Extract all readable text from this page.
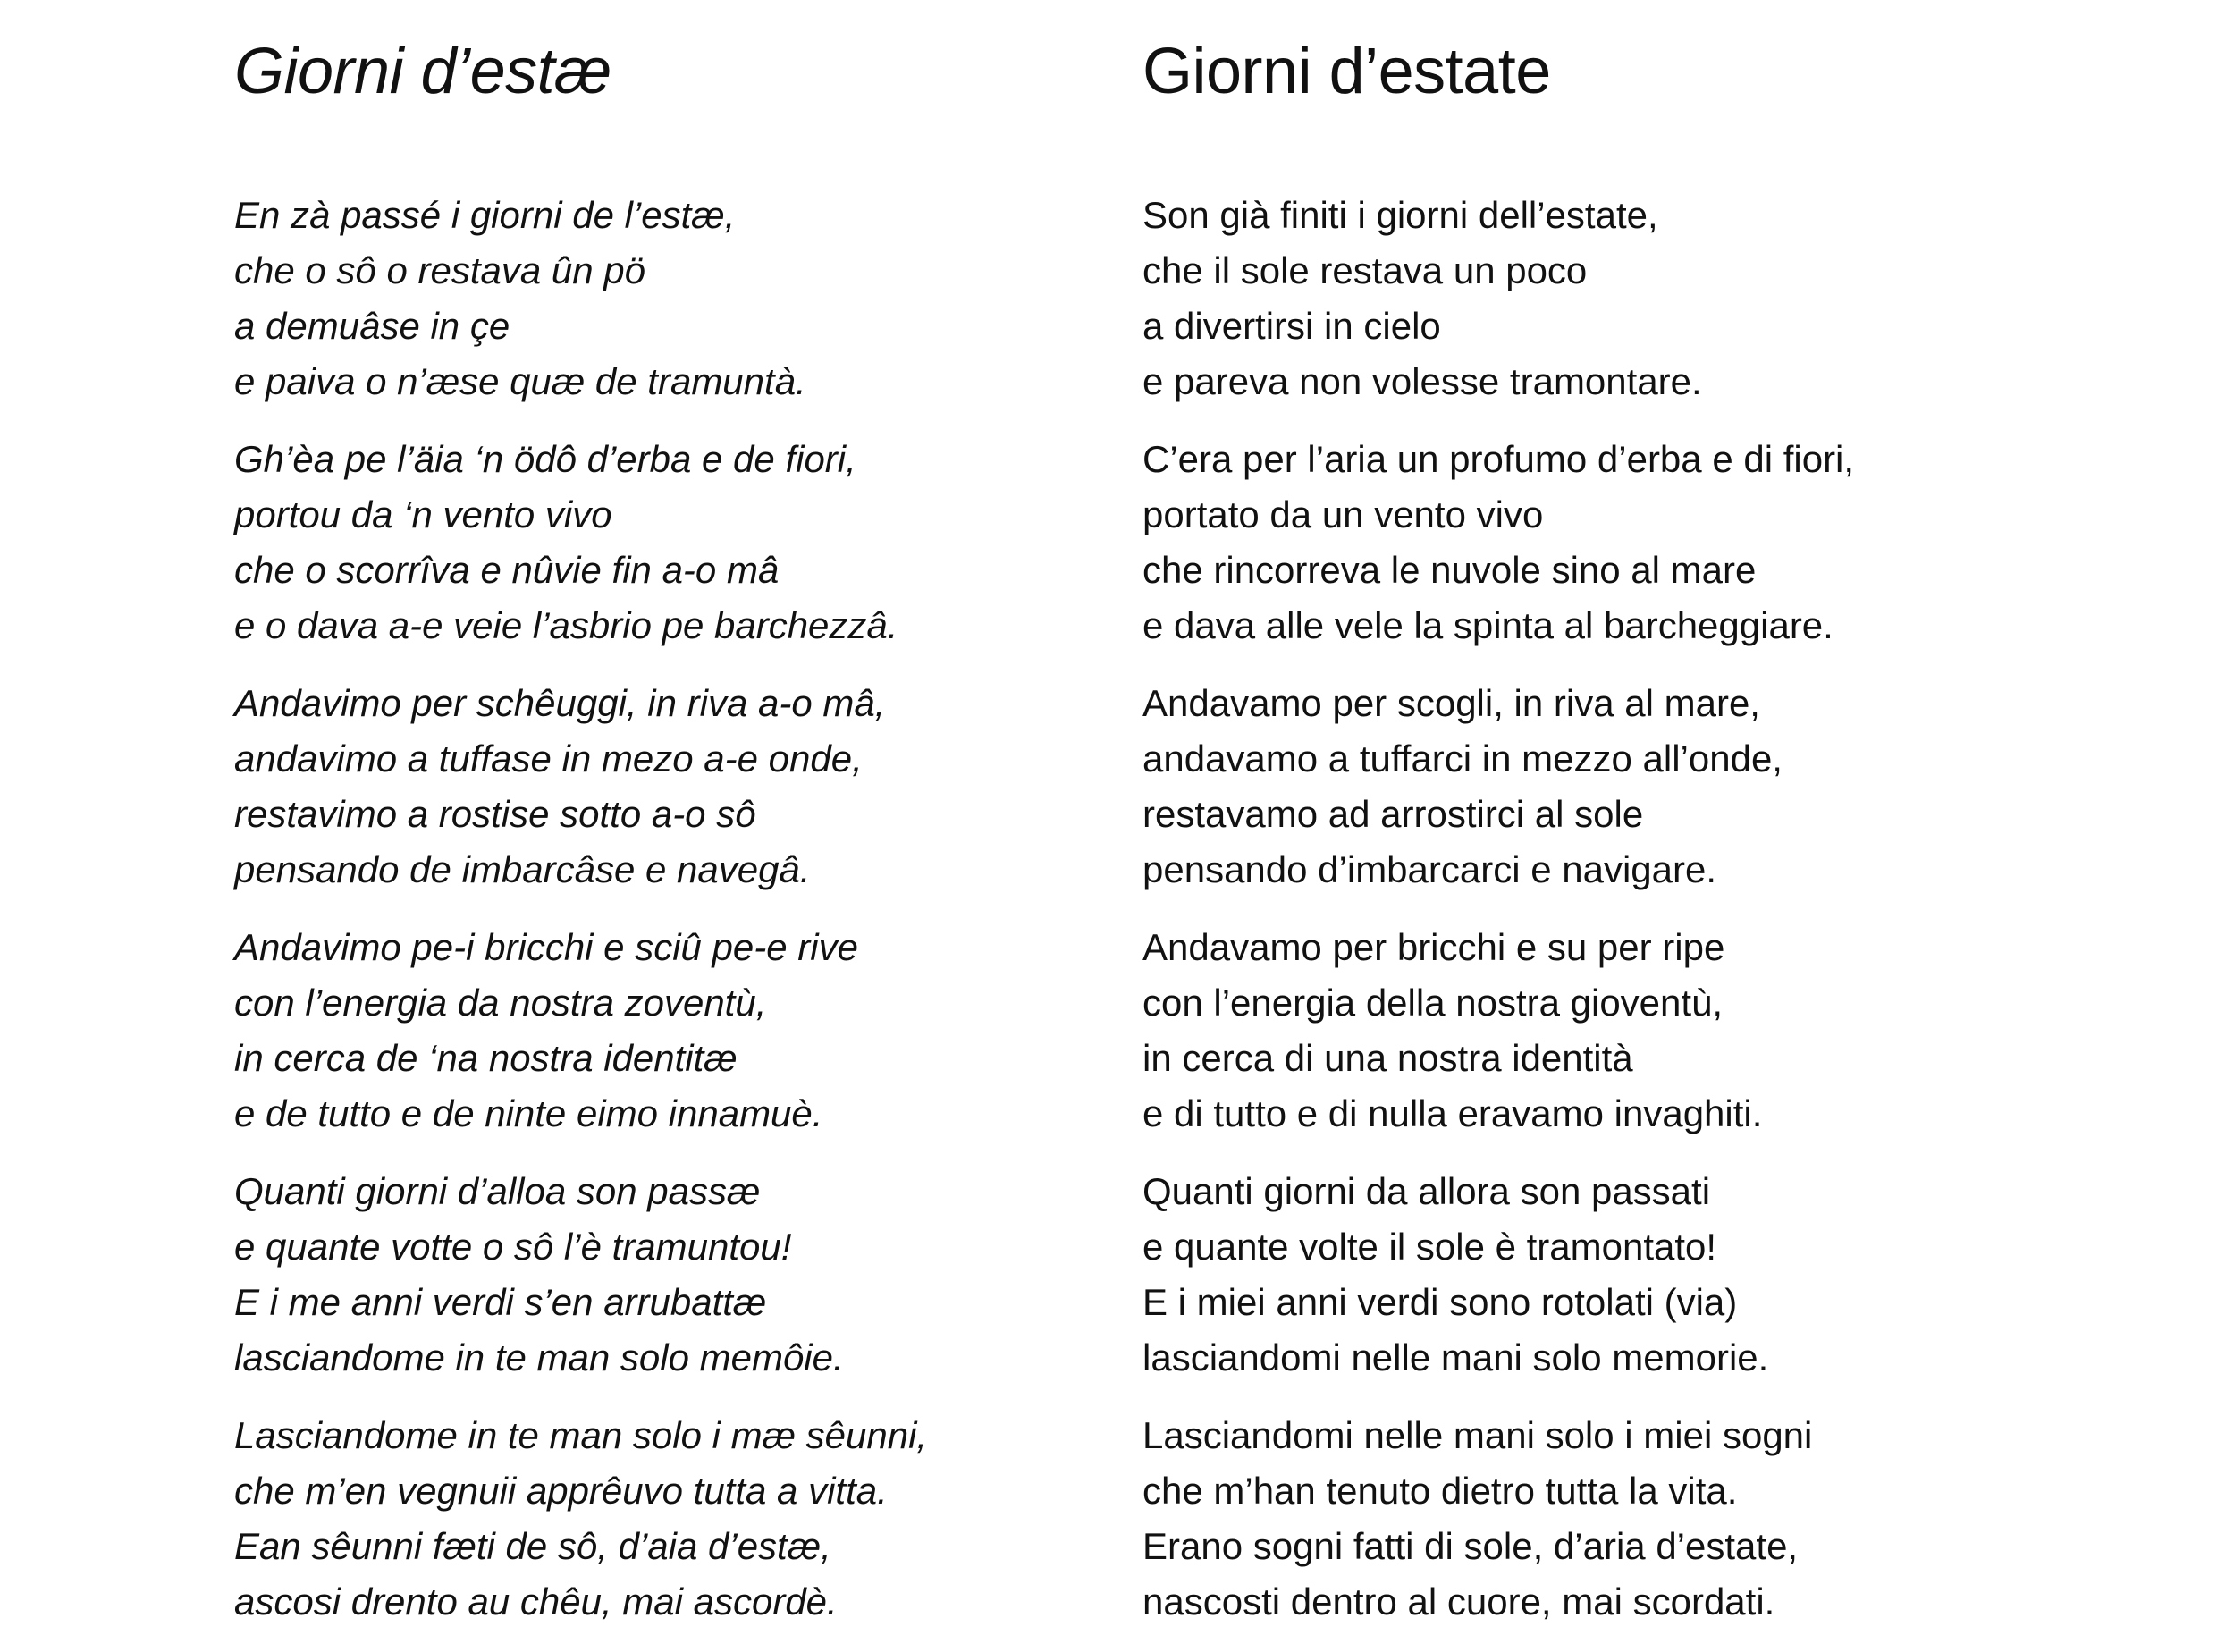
Giorni d’estæ
En zà passé i giorni de l’estæ,
che o sô o restava ûn pö
a demuâse in çe
e paiva o n’æse quæ de tramuntà.
Gh’èa pe l’äia ‘n ödô d’erba e de fiori,
portou da ‘n vento vivo
che o scorrîva e nûvie fin a-o mâ
e o dava a-e veie l’asbrio pe barchezzâ.
Andavimo per schêuggi, in riva a-o mâ,
andavimo a tuffase in mezo a-e onde,
restavimo a rostise sotto a-o sô
pensando de imbarcâse e navegâ.
Andavimo pe-i bricchi e sciû pe-e rive
con l’energia da nostra zoventù,
in cerca de ‘na nostra identitæ
e de tutto e de ninte eimo innamuè.
Quanti giorni d’alloa son passæ
e quante votte o sô l’è tramuntou!
E i me anni verdi s’en arrubattæ
lasciandome in te man solo memôie.
Lasciandome in te man solo i mæ sêunni,
che m’en vegnuii apprêuvo tutta a vitta.
Ean sêunni fæti de sô, d’aia d’estæ,
ascosi drento au chêu, mai ascordè.
Giorni d’estate
Son già finiti i giorni dell’estate,
che il sole restava un poco
a divertirsi in cielo
e pareva non volesse tramontare.
C’era per l’aria un profumo d’erba e di fiori,
portato da un vento vivo
che rincorreva le nuvole sino al mare
e dava alle vele la spinta al barcheggiare.
Andavamo per scogli, in riva al mare,
andavamo a tuffarci in mezzo all’onde,
restavamo ad arrostirci al sole
pensando d’imbarcarci e navigare.
Andavamo per bricchi e su per ripe
con l’energia della nostra gioventù,
in cerca di una nostra identità
e di tutto e di nulla eravamo invaghiti.
Quanti giorni da allora son passati
e quante volte il sole è tramontato!
E i miei anni verdi sono rotolati (via)
lasciandomi nelle mani solo memorie.
Lasciandomi nelle mani solo i miei sogni
che m’han tenuto dietro tutta la vita.
Erano sogni fatti di sole, d’aria d’estate,
nascosti dentro al cuore, mai scordati.
